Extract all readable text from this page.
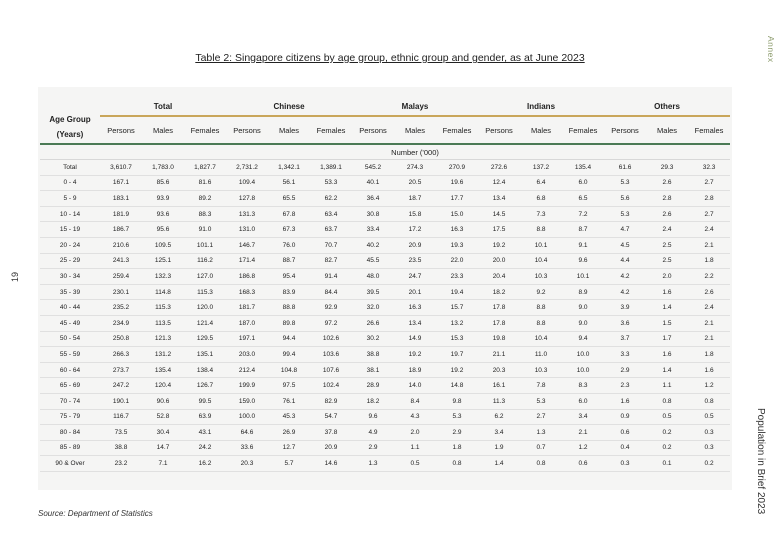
Table 2: Singapore citizens by age group, ethnic group and gender, as at June 2023	Annex
19
Population in Brief 2023
Age Group
(Years)	Total			Chinese			Malays			Indians			Others		
	Persons	Males	Females	Persons	Males	Females	Persons	Males	Females	Persons	Males	Females	Persons	Males	Females
	Number ('000)														
Total	3,610.7	1,783.0	1,827.7	2,731.2	1,342.1	1,389.1	545.2	274.3	270.9	272.6	137.2	135.4	61.6	29.3	32.3
0 - 4	167.1	85.6	81.6	109.4	56.1	53.3	40.1	20.5	19.6	12.4	6.4	6.0	5.3	2.6	2.7
5 - 9	183.1	93.9	89.2	127.8	65.5	62.2	36.4	18.7	17.7	13.4	6.8	6.5	5.6	2.8	2.8
10 - 14	181.9	93.6	88.3	131.3	67.8	63.4	30.8	15.8	15.0	14.5	7.3	7.2	5.3	2.6	2.7
15 - 19	186.7	95.6	91.0	131.0	67.3	63.7	33.4	17.2	16.3	17.5	8.8	8.7	4.7	2.4	2.4
20 - 24	210.6	109.5	101.1	146.7	76.0	70.7	40.2	20.9	19.3	19.2	10.1	9.1	4.5	2.5	2.1
25 - 29	241.3	125.1	116.2	171.4	88.7	82.7	45.5	23.5	22.0	20.0	10.4	9.6	4.4	2.5	1.8
30 - 34	259.4	132.3	127.0	186.8	95.4	91.4	48.0	24.7	23.3	20.4	10.3	10.1	4.2	2.0	2.2
35 - 39	230.1	114.8	115.3	168.3	83.9	84.4	39.5	20.1	19.4	18.2	9.2	8.9	4.2	1.6	2.6
40 - 44	235.2	115.3	120.0	181.7	88.8	92.9	32.0	16.3	15.7	17.8	8.8	9.0	3.9	1.4	2.4
45 - 49	234.9	113.5	121.4	187.0	89.8	97.2	26.6	13.4	13.2	17.8	8.8	9.0	3.6	1.5	2.1
50 - 54	250.8	121.3	129.5	197.1	94.4	102.6	30.2	14.9	15.3	19.8	10.4	9.4	3.7	1.7	2.1
55 - 59	266.3	131.2	135.1	203.0	99.4	103.6	38.8	19.2	19.7	21.1	11.0	10.0	3.3	1.6	1.8
60 - 64	273.7	135.4	138.4	212.4	104.8	107.6	38.1	18.9	19.2	20.3	10.3	10.0	2.9	1.4	1.6
65 - 69	247.2	120.4	126.7	199.9	97.5	102.4	28.9	14.0	14.8	16.1	7.8	8.3	2.3	1.1	1.2
70 - 74	190.1	90.6	99.5	159.0	76.1	82.9	18.2	8.4	9.8	11.3	5.3	6.0	1.6	0.8	0.8
75 - 79	116.7	52.8	63.9	100.0	45.3	54.7	9.6	4.3	5.3	6.2	2.7	3.4	0.9	0.5	0.5
80 - 84	73.5	30.4	43.1	64.6	26.9	37.8	4.9	2.0	2.9	3.4	1.3	2.1	0.6	0.2	0.3
85 - 89	38.8	14.7	24.2	33.6	12.7	20.9	2.9	1.1	1.8	1.9	0.7	1.2	0.4	0.2	0.3
90 & Over	23.2	7.1	16.2	20.3	5.7	14.6	1.3	0.5	0.8	1.4	0.8	0.6	0.3	0.1	0.2
Source: Department of Statistics
